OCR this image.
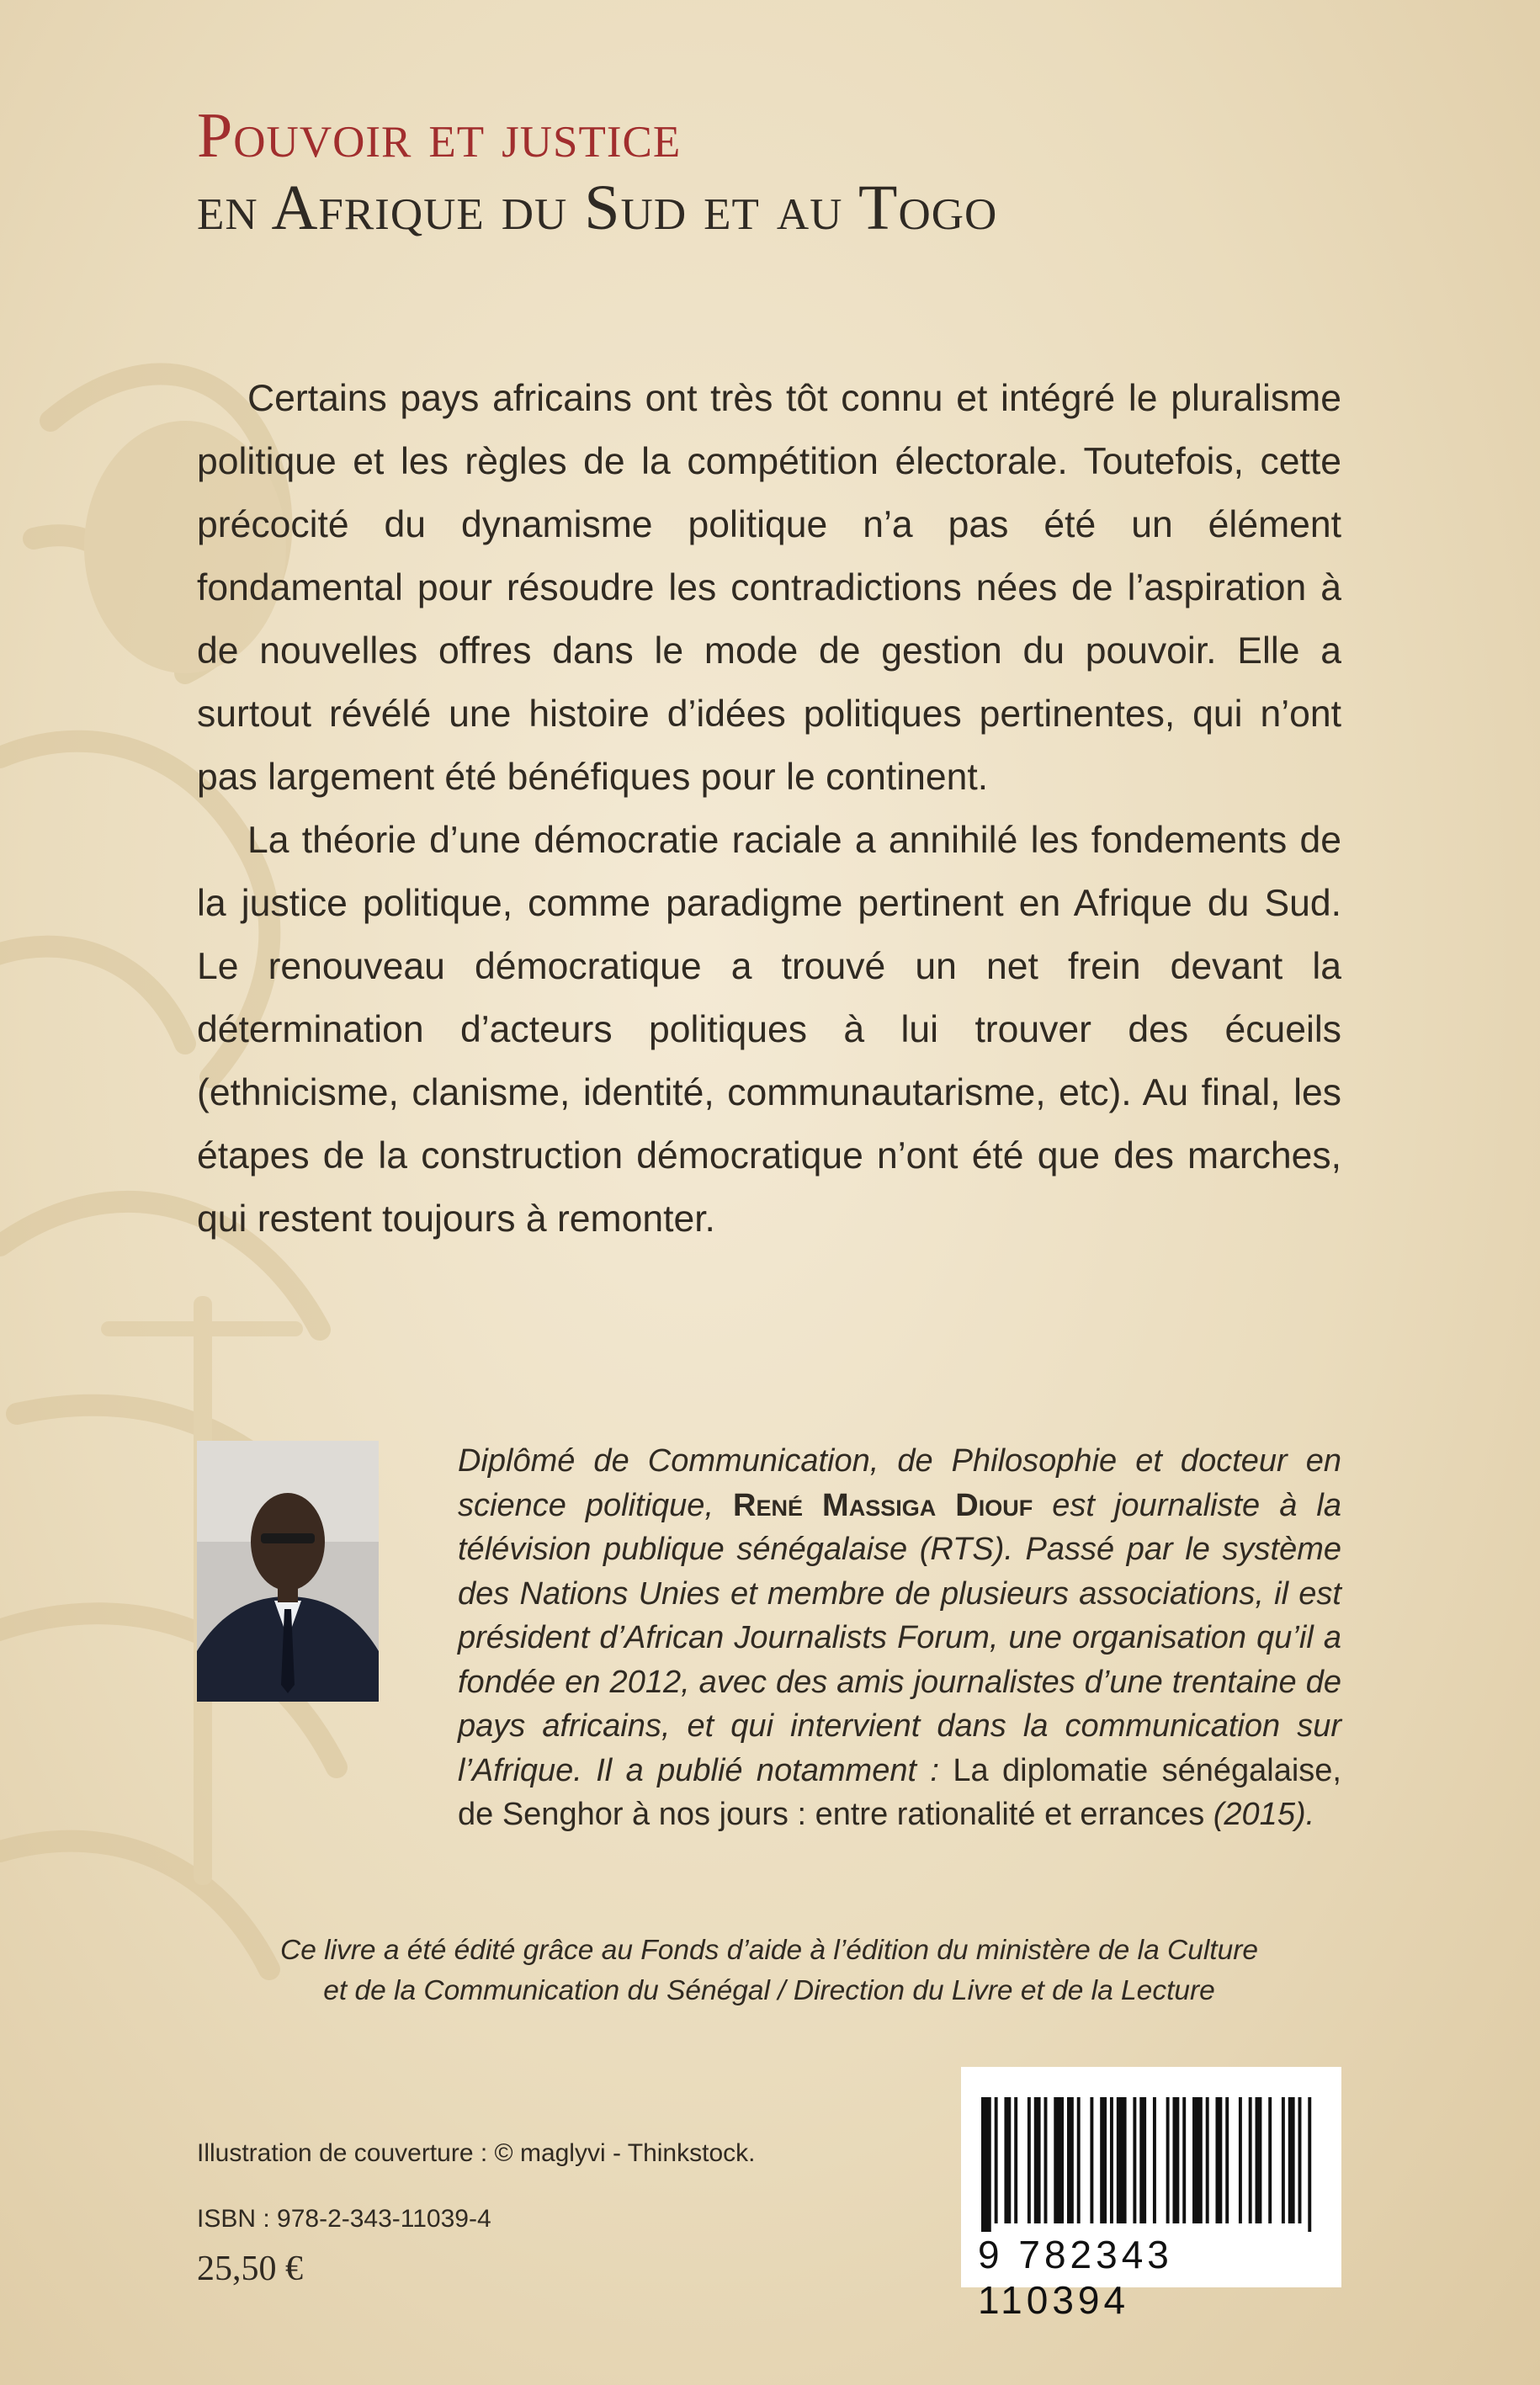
Pouvoir et justice
en Afrique du Sud et au Togo

Certains pays africains ont très tôt connu et intégré le pluralisme politique et les règles de la compétition électorale. Toutefois, cette précocité du dynamisme politique n’a pas été un élément fondamental pour résoudre les contradictions nées de l’aspiration à de nouvelles offres dans le mode de gestion du pouvoir. Elle a surtout révélé une histoire d’idées politiques pertinentes, qui n’ont pas largement été bénéfiques pour le continent.

La théorie d’une démocratie raciale a annihilé les fondements de la justice politique, comme paradigme pertinent en Afrique du Sud. Le renouveau démocratique a trouvé un net frein devant la détermination d’acteurs politiques à lui trouver des écueils (ethnicisme, clanisme, identité, communautarisme, etc). Au final, les étapes de la construction démocratique n’ont été que des marches, qui restent toujours à remonter.

Diplômé de Communication, de Philosophie et docteur en science politique, René Massiga Diouf est journaliste à la télévision publique sénégalaise (RTS). Passé par le système des Nations Unies et membre de plusieurs associations, il est président d’African Journalists Forum, une organisation qu’il a fondée en 2012, avec des amis journalistes d’une trentaine de pays africains, et qui intervient dans la communication sur l’Afrique. Il a publié notamment : La diplomatie sénégalaise, de Senghor à nos jours : entre rationalité et errances (2015).
Ce livre a été édité grâce au Fonds d’aide à l’édition du ministère de la Culture
et de la Communication du Sénégal / Direction du Livre et de la Lecture
Illustration de couverture : © maglyvi - Thinkstock.
ISBN : 978-2-343-11039-4
25,50 €	9 782343 110394
